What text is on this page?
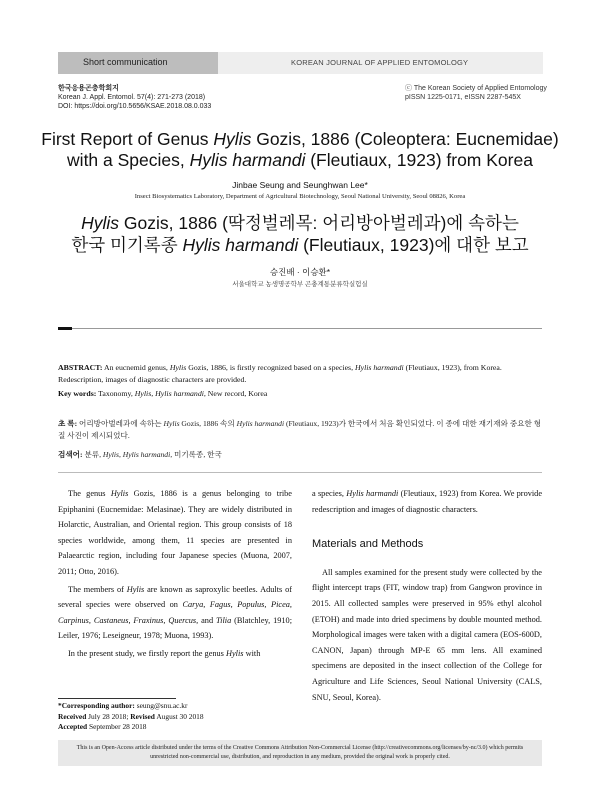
Short communication	KOREAN JOURNAL OF APPLIED ENTOMOLOGY
한국응용곤충학회지
Korean J. Appl. Entomol. 57(4): 271-273 (2018)
DOI: https://doi.org/10.5656/KSAE.2018.08.0.033
ⓒ The Korean Society of Applied Entomology
pISSN 1225-0171, eISSN 2287-545X
First Report of Genus Hylis Gozis, 1886 (Coleoptera: Eucnemidae)
with a Species, Hylis harmandi (Fleutiaux, 1923) from Korea
Jinbae Seung and Seunghwan Lee*
Insect Biosystematics Laboratory, Department of Agricultural Biotechnology, Seoul National University, Seoul 08826, Korea
Hylis Gozis, 1886 (딱정벌레목: 어리방아벌레과)에 속하는
한국 미기록종 Hylis harmandi (Fleutiaux, 1923)에 대한 보고
승진배 · 이승환*
서울대학교 농생명공학부 곤충계통분류학실험실
ABSTRACT: An eucnemid genus, Hylis Gozis, 1886, is firstly recognized based on a species, Hylis harmandi (Fleutiaux, 1923), from Korea. Redescription, images of diagnostic characters are provided.
Key words: Taxonomy, Hylis, Hylis harmandi, New record, Korea
초 록: 어리방아벌레과에 속하는 Hylis Gozis, 1886 속의 Hylis harmandi (Fleutiaux, 1923)가 한국에서 처음 확인되었다. 이 종에 대한 재기재와 중요한 형질 사진이 제시되었다.
검색어: 분류, Hylis, Hylis harmandi, 미기록종, 한국

The genus Hylis Gozis, 1886 is a genus belonging to tribe Epiphanini (Eucnemidae: Melasinae). They are widely distributed in Holarctic, Australian, and Oriental region. This group consists of 18 species worldwide, among them, 11 species are presented in Palaearctic region, including four Japanese species (Muona, 2007, 2011; Otto, 2016).

The members of Hylis are known as saproxylic beetles. Adults of several species were observed on Carya, Fagus, Populus, Picea, Carpinus, Castaneus, Fraxinus, Quercus, and Tilia (Blatchley, 1910; Leiler, 1976; Leseigneur, 1978; Muona, 1993).

In the present study, we firstly report the genus Hylis with

a species, Hylis harmandi (Fleutiaux, 1923) from Korea. We provide redescription and images of diagnostic characters.

Materials and Methods

All samples examined for the present study were collected by the flight intercept traps (FIT, window trap) from Gangwon province in 2015. All collected samples were preserved in 95% ethyl alcohol (ETOH) and made into dried specimens by double mounted method. Morphological images were taken with a digital camera (EOS-600D, CANON, Japan) through MP-E 65 mm lens. All examined specimens are deposited in the insect collection of the College for Agriculture and Life Sciences, Seoul National University (CALS, SNU, Seoul, Korea).

*Corresponding author: seung@snu.ac.kr
Received July 28 2018; Revised August 30 2018
Accepted September 28 2018
This is an Open-Access article distributed under the terms of the Creative Commons Attribution Non-Commercial License (http://creativecommons.org/licenses/by-nc/3.0) which permits unrestricted non-commercial use, distribution, and reproduction in any medium, provided the original work is properly cited.
